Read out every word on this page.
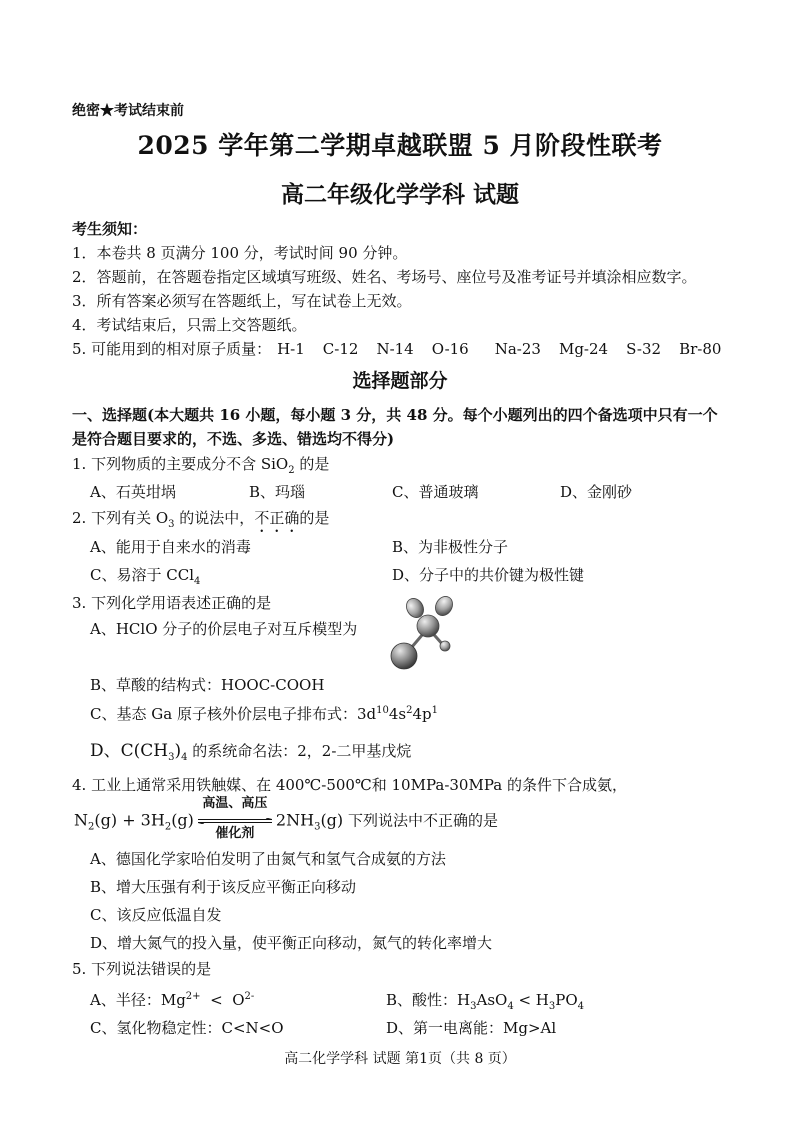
绝密★考试结束前
2025 学年第二学期卓越联盟 5 月阶段性联考
高二年级化学学科 试题
考生须知：
1．本卷共 8 页满分 100 分，考试时间 90 分钟。
2．答题前，在答题卷指定区域填写班级、姓名、考场号、座位号及准考证号并填涂相应数字。
3．所有答案必须写在答题纸上，写在试卷上无效。
4．考试结束后，只需上交答题纸。
5. 可能用到的相对原子质量： H-1 C-12 N-14 O-16 Na-23 Mg-24 S-32 Br-80
选择题部分
一、选择题(本大题共 16 小题，每小题 3 分，共 48 分。每个小题列出的四个备选项中只有一个
是符合题目要求的，不选、多选、错选均不得分)
1. 下列物质的主要成分不含 SiO$_2$ 的是
A、石英坩埚	B、玛瑙	C、普通玻璃	D、金刚砂
2. 下列有关 $O_3$ 的说法中，不正确的是
A、能用于自来水的消毒	B、为非极性分子
C、易溶于 CCl$_4$	D、分子中的共价键为极性键
3. 下列化学用语表述正确的是
A、HClO 分子的价层电子对互斥模型为
B、草酸的结构式：HOOC-COOH
C、基态 Ga 原子核外价层电子排布式：$3d^{10}4s^24p^1$
D、$C(CH_3)_4$ 的系统命名法：2，2-二甲基戊烷
4. 工业上通常采用铁触媒、在 400℃-500℃和 10MPa-30MPa 的条件下合成氨，
$N_2(g) + 3H_2(g)$
高温、高压
催化剂
$2NH_3(g)$ 下列说法中不正确的是
A、德国化学家哈伯发明了由氮气和氢气合成氨的方法
B、增大压强有利于该反应平衡正向移动
C、该反应低温自发
D、增大氮气的投入量，使平衡正向移动，氮气的转化率增大
5. 下列说法错误的是
A、半径：$Mg^{2+} < O^{2-}$	B、酸性：$H_3AsO_4 < H_3PO_4$
C、氢化物稳定性：C<N<O	D、第一电离能：Mg>Al
高二化学学科 试题 第1页（共 8 页）
